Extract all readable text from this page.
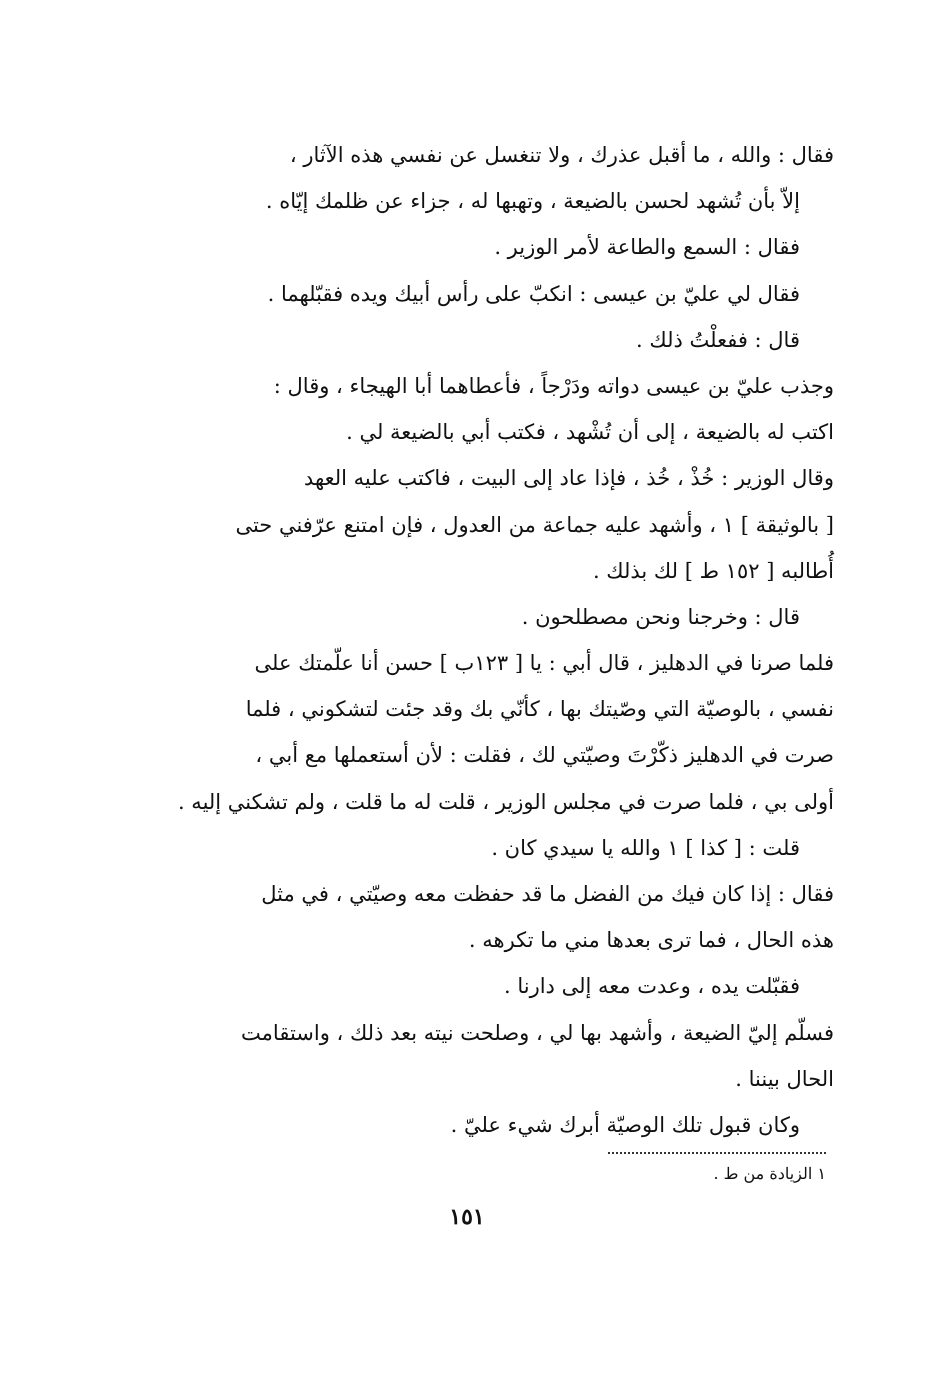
فقال : والله ، ما أقبل عذرك ، ولا تنغسل عن نفسي هذه الآثار ،
إلاّ بأن تُشهد لحسن بالضيعة ، وتهبها له ، جزاء عن ظلمك إيّاه .
فقال : السمع والطاعة لأمر الوزير .
فقال لي عليّ بن عيسى : انكبّ على رأس أبيك ويده فقبّلهما .
قال : ففعلْتُ ذلك .
وجذب عليّ بن عيسى دواته ودَرْجاً ، فأعطاهما أبا الهيجاء ، وقال :
اكتب له بالضيعة ، إلى أن تُشْهد ، فكتب أبي بالضيعة لي .
وقال الوزير : خُذْ ، خُذ ، فإذا عاد إلى البيت ، فاكتب عليه العهد
[ بالوثيقة ] ١ ، وأشهد عليه جماعة من العدول ، فإن امتنع عرّفني حتى
أُطالبه [ ١٥٢ ط ] لك بذلك .
قال : وخرجنا ونحن مصطلحون .
فلما صرنا في الدهليز ، قال أبي : يا [ ١٢٣ب ] حسن أنا علّمتك على
نفسي ، بالوصيّة التي وصّيتك بها ، كأنّي بك وقد جئت لتشكوني ، فلما
صرت في الدهليز ذكّرْتَ وصيّتي لك ، فقلت : لأن أستعملها مع أبي ،
أولى بي ، فلما صرت في مجلس الوزير ، قلت له ما قلت ، ولم تشكني إليه .
قلت : [ كذا ] ١ والله يا سيدي كان .
فقال : إذا كان فيك من الفضل ما قد حفظت معه وصيّتي ، في مثل
هذه الحال ، فما ترى بعدها مني ما تكرهه .
فقبّلت يده ، وعدت معه إلى دارنا .
فسلّم إليّ الضيعة ، وأشهد بها لي ، وصلحت نيته بعد ذلك ، واستقامت
الحال بيننا .
وكان قبول تلك الوصيّة أبرك شيء عليّ .
١ الزيادة من ط .
١٥١
